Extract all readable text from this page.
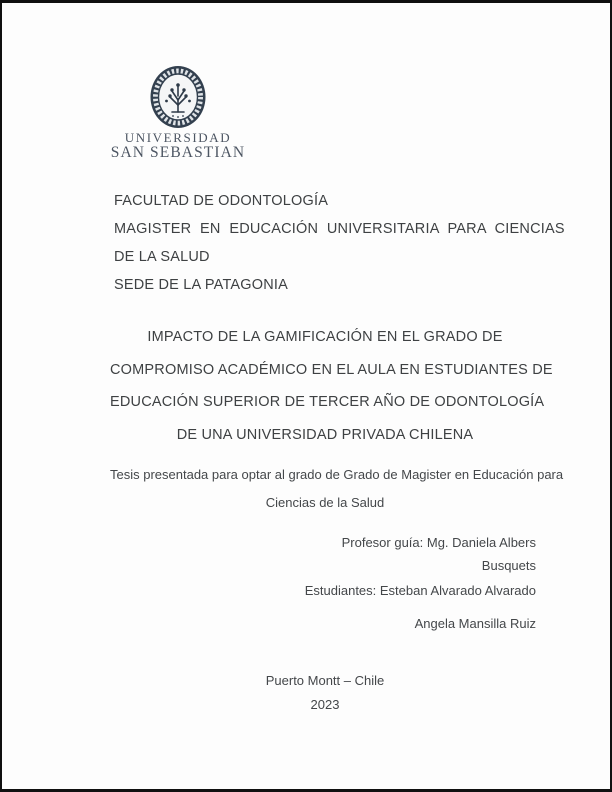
UNIVERSIDAD
SAN SEBASTIAN
FACULTAD DE ODONTOLOGÍA
MAGISTER EN EDUCACIÓN UNIVERSITARIA PARA CIENCIAS
DE LA SALUD
SEDE DE LA PATAGONIA
IMPACTO DE LA GAMIFICACIÓN EN EL GRADO DE
COMPROMISO ACADÉMICO EN EL AULA EN ESTUDIANTES DE
EDUCACIÓN SUPERIOR DE TERCER AÑO DE ODONTOLOGÍA
DE UNA UNIVERSIDAD PRIVADA CHILENA
Tesis presentada para optar al grado de Grado de Magister en Educación para
Ciencias de la Salud
Profesor guía: Mg. Daniela Albers
Busquets
Estudiantes: Esteban Alvarado Alvarado
Angela Mansilla Ruiz
Puerto Montt – Chile
2023
